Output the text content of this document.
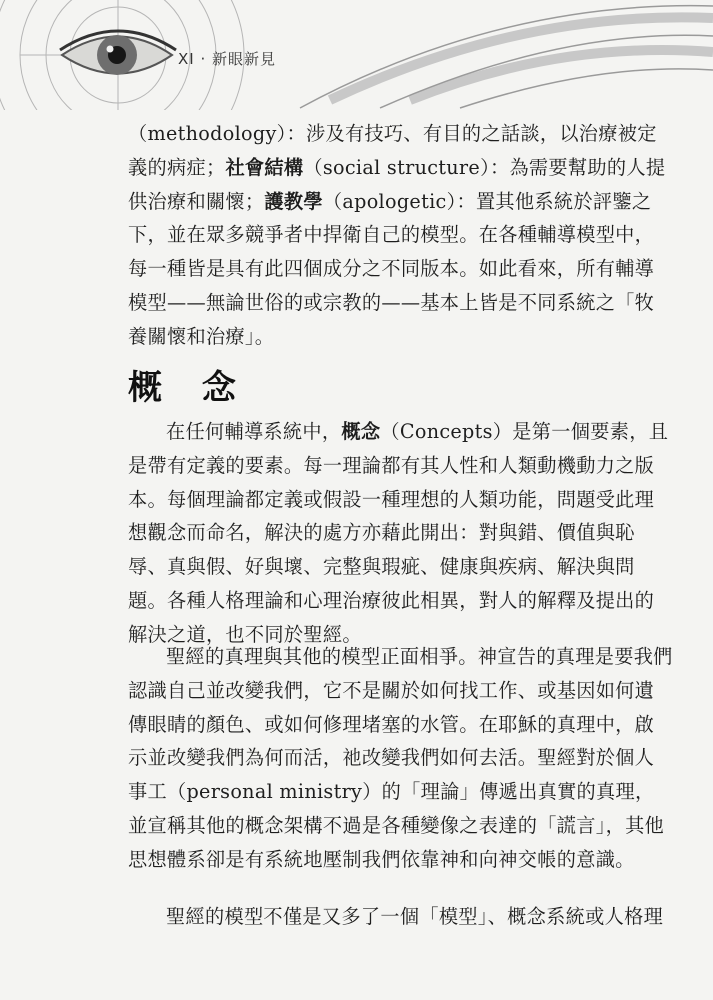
XI · 新眼新見

（methodology）：涉及有技巧、有目的之話談，以治療被定義的病症；社會結構（social structure）：為需要幫助的人提供治療和關懷；護教學（apologetic）：置其他系統於評鑒之下，並在眾多競爭者中捍衛自己的模型。在各種輔導模型中，每一種皆是具有此四個成分之不同版本。如此看來，所有輔導模型——無論世俗的或宗教的——基本上皆是不同系統之「牧養關懷和治療」。

概 念

在任何輔導系統中，概念（Concepts）是第一個要素，且是帶有定義的要素。每一理論都有其人性和人類動機動力之版本。每個理論都定義或假設一種理想的人類功能，問題受此理想觀念而命名，解決的處方亦藉此開出：對與錯、價值與恥辱、真與假、好與壞、完整與瑕疵、健康與疾病、解決與問題。各種人格理論和心理治療彼此相異，對人的解釋及提出的解決之道，也不同於聖經。

聖經的真理與其他的模型正面相爭。神宣告的真理是要我們認識自己並改變我們，它不是關於如何找工作、或基因如何遺傳眼睛的顏色、或如何修理堵塞的水管。在耶穌的真理中，啟示並改變我們為何而活，祂改變我們如何去活。聖經對於個人事工（personal ministry）的「理論」傳遞出真實的真理，並宣稱其他的概念架構不過是各種變像之表達的「謊言」，其他思想體系卻是有系統地壓制我們依靠神和向神交帳的意識。

聖經的模型不僅是又多了一個「模型」、概念系統或人格理
